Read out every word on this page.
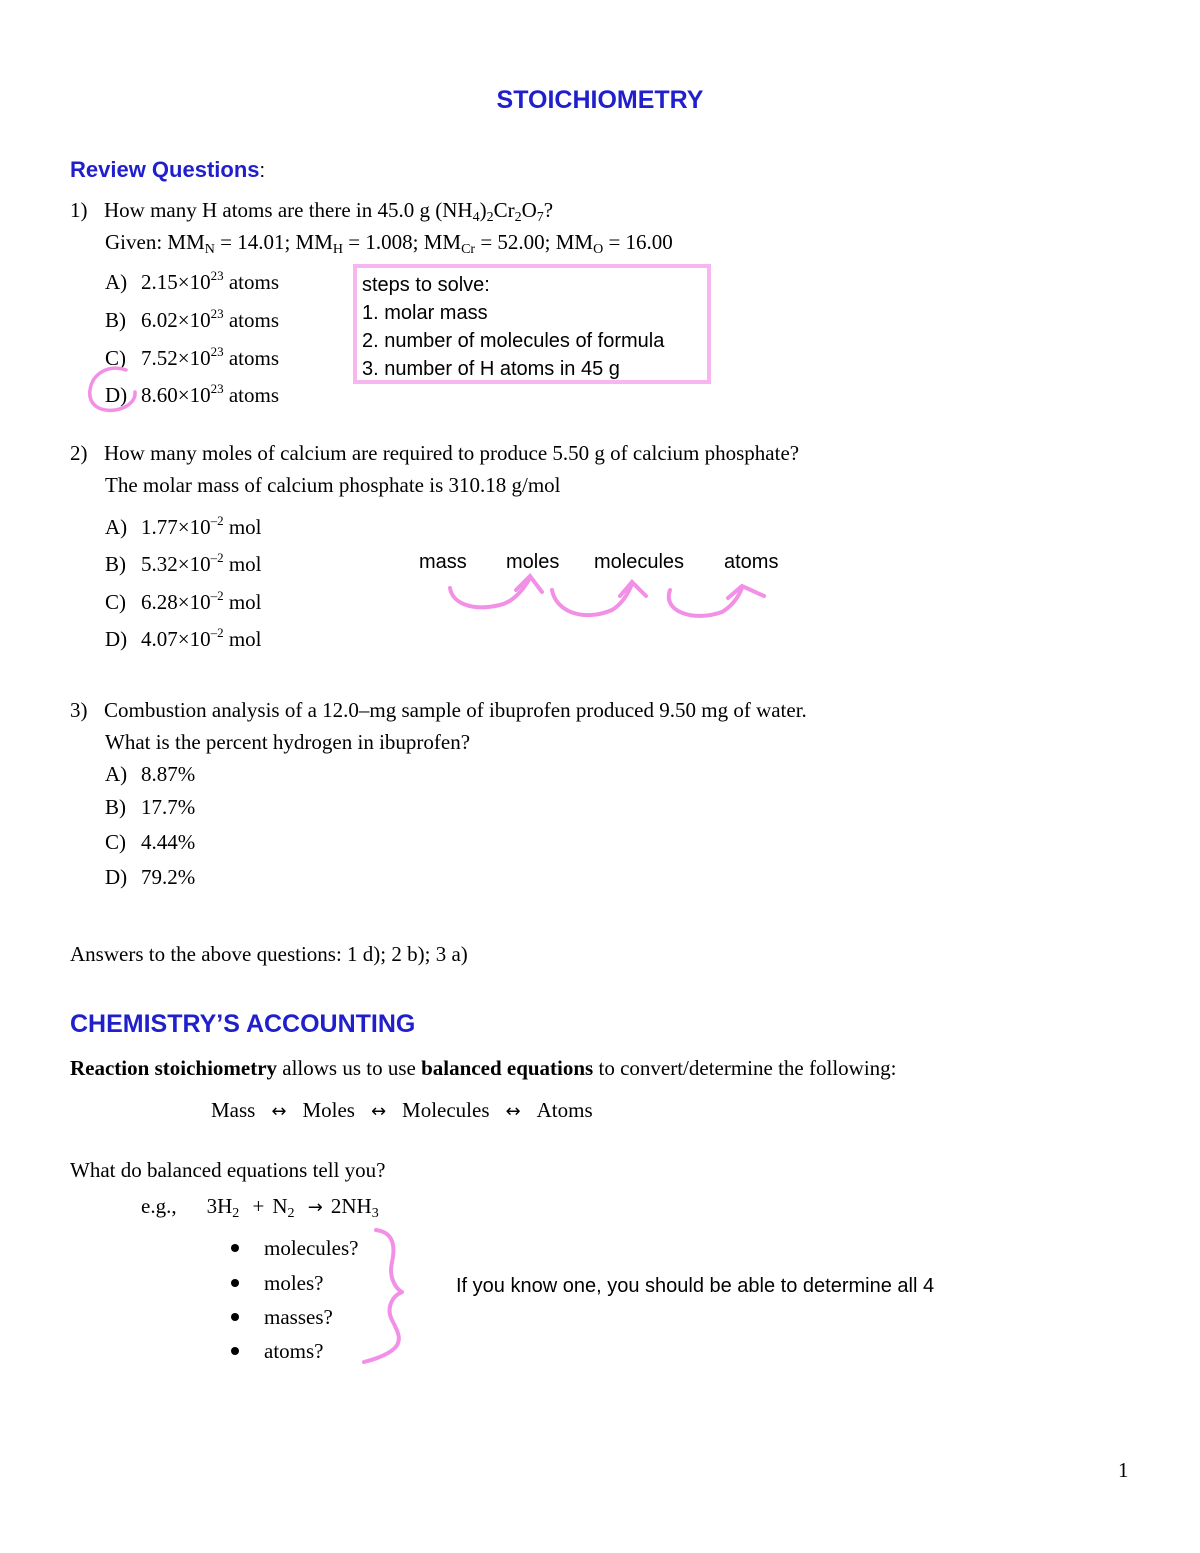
STOICHIOMETRY
Review Questions:
1) How many H atoms are there in 45.0 g $(NH_4)_2Cr_2O_7$?
Given: $MM_N = 14.01$; $MM_H = 1.008$; $MM_{Cr} = 52.00$; $MM_O = 16.00$
A) $2.15\times 10^{23}$ atoms
B) $6.02\times 10^{23}$ atoms
C) $7.52\times 10^{23}$ atoms
D) $8.60\times 10^{23}$ atoms
steps to solve:
1. molar mass
2. number of molecules of formula
3. number of H atoms in 45 g
2) How many moles of calcium are required to produce 5.50 g of calcium phosphate?
The molar mass of calcium phosphate is 310.18 g/mol
A) $1.77\times 10^{-2}$ mol
B) $5.32\times 10^{-2}$ mol
C) $6.28\times 10^{-2}$ mol
D) $4.07\times 10^{-2}$ mol
mass moles molecules atoms
3) Combustion analysis of a 12.0–mg sample of ibuprofen produced 9.50 mg of water.
What is the percent hydrogen in ibuprofen?
A) 8.87%
B) 17.7%
C) 4.44%
D) 79.2%
Answers to the above questions: 1 d); 2 b); 3 a)
CHEMISTRY’S ACCOUNTING
Reaction stoichiometry allows us to use balanced equations to convert/determine the following:
Mass ↔ Moles ↔ Molecules ↔ Atoms
What do balanced equations tell you?
e.g., $3H_2 + N_2 \to 2NH_3$
molecules?
moles?
masses?
atoms?
If you know one, you should be able to determine all 4
1
